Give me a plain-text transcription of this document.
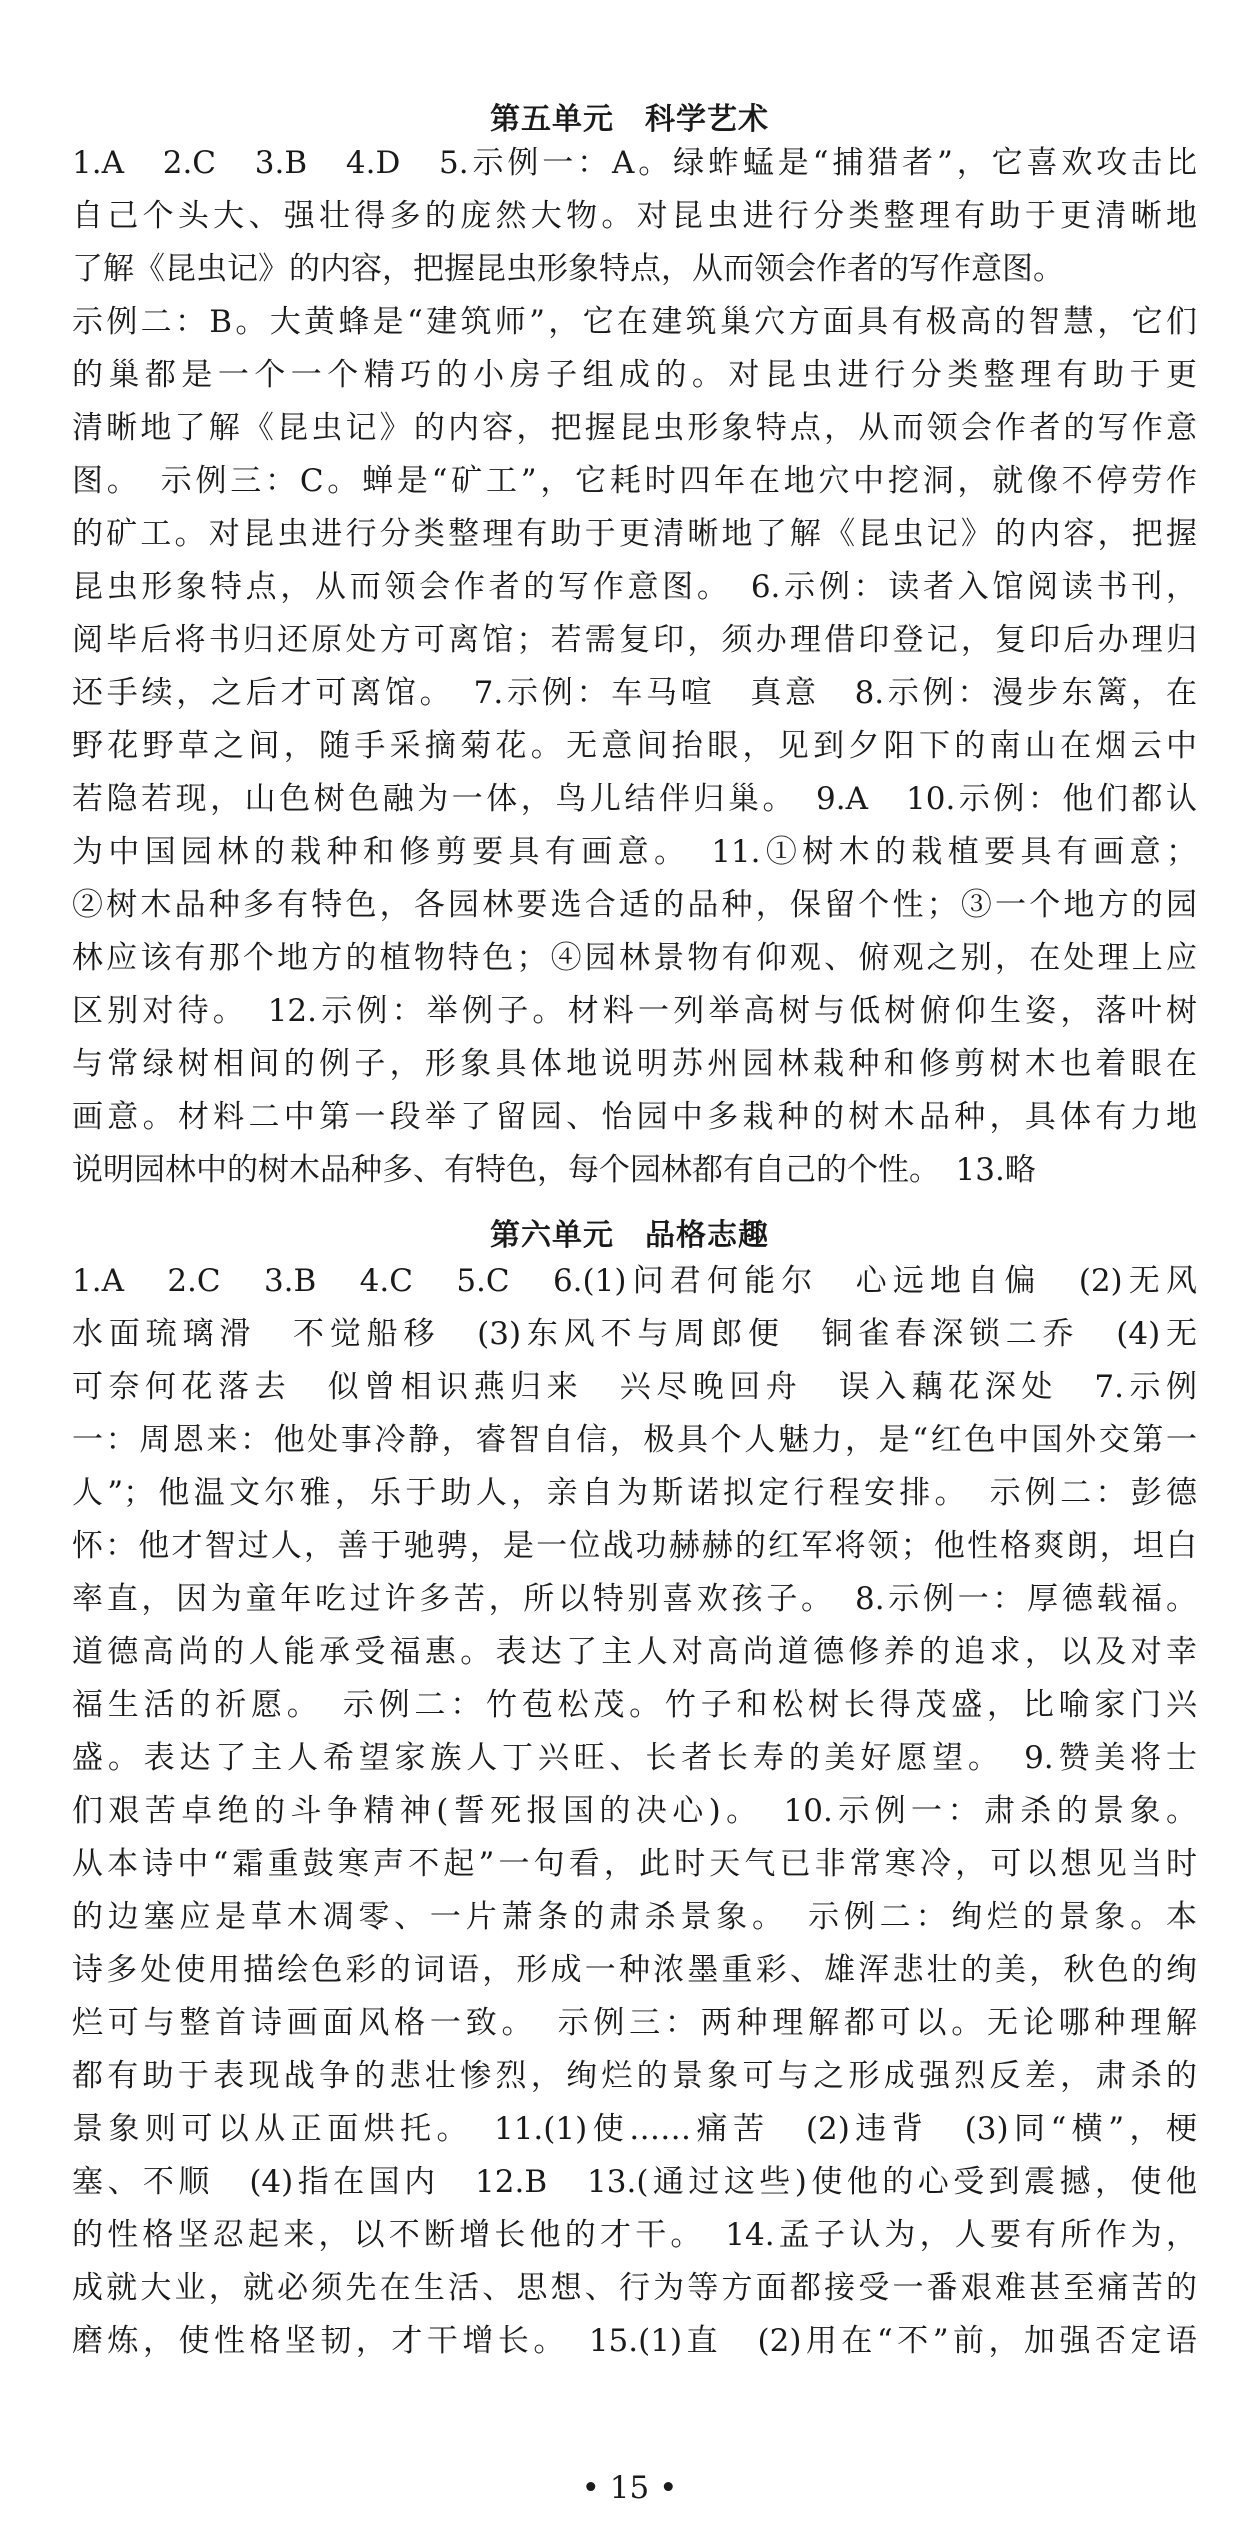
第五单元　科学艺术
1.A　2.C　3.B　4.D　5.示例一：A。绿蚱蜢是“捕猎者”，它喜欢攻击比
自己个头大、强壮得多的庞然大物。对昆虫进行分类整理有助于更清晰地
了解《昆虫记》的内容，把握昆虫形象特点，从而领会作者的写作意图。
示例二：B。大黄蜂是“建筑师”，它在建筑巢穴方面具有极高的智慧，它们
的巢都是一个一个精巧的小房子组成的。对昆虫进行分类整理有助于更
清晰地了解《昆虫记》的内容，把握昆虫形象特点，从而领会作者的写作意
图。　示例三：C。蝉是“矿工”，它耗时四年在地穴中挖洞，就像不停劳作
的矿工。对昆虫进行分类整理有助于更清晰地了解《昆虫记》的内容，把握
昆虫形象特点，从而领会作者的写作意图。　6.示例：读者入馆阅读书刊，
阅毕后将书归还原处方可离馆；若需复印，须办理借印登记，复印后办理归
还手续，之后才可离馆。　7.示例：车马喧　真意　8.示例：漫步东篱，在
野花野草之间，随手采摘菊花。无意间抬眼，见到夕阳下的南山在烟云中
若隐若现，山色树色融为一体，鸟儿结伴归巢。　9.A　10.示例：他们都认
为中国园林的栽种和修剪要具有画意。　11.①树木的栽植要具有画意；
②树木品种多有特色，各园林要选合适的品种，保留个性；③一个地方的园
林应该有那个地方的植物特色；④园林景物有仰观、俯观之别，在处理上应
区别对待。　12.示例：举例子。材料一列举高树与低树俯仰生姿，落叶树
与常绿树相间的例子，形象具体地说明苏州园林栽种和修剪树木也着眼在
画意。材料二中第一段举了留园、怡园中多栽种的树木品种，具体有力地
说明园林中的树木品种多、有特色，每个园林都有自己的个性。　13.略
第六单元　品格志趣
1.A　2.C　3.B　4.C　5.C　6.(1)问君何能尔　心远地自偏　(2)无风
水面琉璃滑　不觉船移　(3)东风不与周郎便　铜雀春深锁二乔　(4)无
可奈何花落去　似曾相识燕归来　兴尽晚回舟　误入藕花深处　7.示例
一：周恩来：他处事冷静，睿智自信，极具个人魅力，是“红色中国外交第一
人”；他温文尔雅，乐于助人，亲自为斯诺拟定行程安排。　示例二：彭德
怀：他才智过人，善于驰骋，是一位战功赫赫的红军将领；他性格爽朗，坦白
率直，因为童年吃过许多苦，所以特别喜欢孩子。　8.示例一：厚德载福。
道德高尚的人能承受福惠。表达了主人对高尚道德修养的追求，以及对幸
福生活的祈愿。　示例二：竹苞松茂。竹子和松树长得茂盛，比喻家门兴
盛。表达了主人希望家族人丁兴旺、长者长寿的美好愿望。　9.赞美将士
们艰苦卓绝的斗争精神(誓死报国的决心)。　10.示例一：肃杀的景象。
从本诗中“霜重鼓寒声不起”一句看，此时天气已非常寒冷，可以想见当时
的边塞应是草木凋零、一片萧条的肃杀景象。　示例二：绚烂的景象。本
诗多处使用描绘色彩的词语，形成一种浓墨重彩、雄浑悲壮的美，秋色的绚
烂可与整首诗画面风格一致。　示例三：两种理解都可以。无论哪种理解
都有助于表现战争的悲壮惨烈，绚烂的景象可与之形成强烈反差，肃杀的
景象则可以从正面烘托。　11.(1)使……痛苦　(2)违背　(3)同“横”，梗
塞、不顺　(4)指在国内　12.B　13.(通过这些)使他的心受到震撼，使他
的性格坚忍起来，以不断增长他的才干。　14.孟子认为，人要有所作为，
成就大业，就必须先在生活、思想、行为等方面都接受一番艰难甚至痛苦的
磨炼，使性格坚韧，才干增长。　15.(1)直　(2)用在“不”前，加强否定语
• 15 •
